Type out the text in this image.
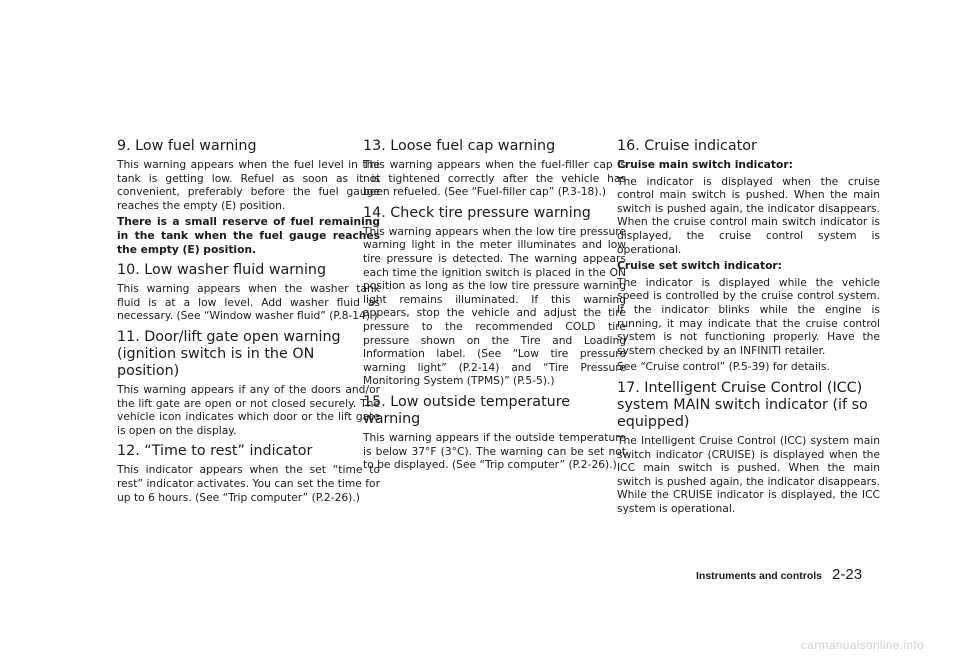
9. Low fuel warning

This warning appears when the fuel level in the tank is getting low. Refuel as soon as it is convenient, preferably before the fuel gauge reaches the empty (E) position.

There is a small reserve of fuel remaining in the tank when the fuel gauge reaches the empty (E) position.

10. Low washer fluid warning

This warning appears when the washer tank fluid is at a low level. Add washer fluid as necessary. (See “Window washer fluid” (P.8-14).)

11. Door/lift gate open warning (ignition switch is in the ON position)

This warning appears if any of the doors and/or the lift gate are open or not closed securely. The vehicle icon indicates which door or the lift gate is open on the display.

12. “Time to rest” indicator

This indicator appears when the set “time to rest” indicator activates. You can set the time for up to 6 hours. (See “Trip computer” (P.2-26).)

13. Loose fuel cap warning

This warning appears when the fuel-filler cap is not tightened correctly after the vehicle has been refueled. (See “Fuel-filler cap” (P.3-18).)

14. Check tire pressure warning

This warning appears when the low tire pressure warning light in the meter illuminates and low tire pressure is detected. The warning appears each time the ignition switch is placed in the ON position as long as the low tire pressure warning light remains illuminated. If this warning appears, stop the vehicle and adjust the tire pressure to the recommended COLD tire pressure shown on the Tire and Loading Information label. (See “Low tire pressure warning light” (P.2-14) and “Tire Pressure Monitoring System (TPMS)” (P.5-5).)

15. Low outside temperature warning

This warning appears if the outside temperature is below 37°F (3°C). The warning can be set not to be displayed. (See “Trip computer” (P.2-26).)

16. Cruise indicator

Cruise main switch indicator:

The indicator is displayed when the cruise control main switch is pushed. When the main switch is pushed again, the indicator disappears. When the cruise control main switch indicator is displayed, the cruise control system is operational.

Cruise set switch indicator:

The indicator is displayed while the vehicle speed is controlled by the cruise control system. If the indicator blinks while the engine is running, it may indicate that the cruise control system is not functioning properly. Have the system checked by an INFINITI retailer.

See “Cruise control” (P.5-39) for details.

17. Intelligent Cruise Control (ICC) system MAIN switch indicator (if so equipped)

The Intelligent Cruise Control (ICC) system main switch indicator (CRUISE) is displayed when the ICC main switch is pushed. When the main switch is pushed again, the indicator disappears. While the CRUISE indicator is displayed, the ICC system is operational.

Instruments and controls 2-23
carmanualsonline.info
